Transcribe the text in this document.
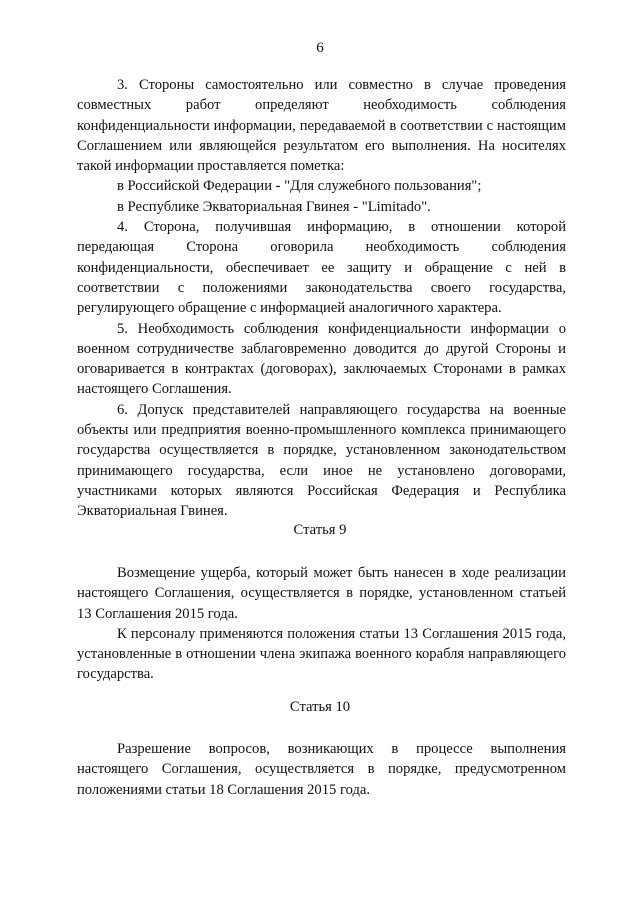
6

3. Стороны самостоятельно или совместно в случае проведения совместных работ определяют необходимость соблюдения конфиденциальности информации, передаваемой в соответствии с настоящим Соглашением или являющейся результатом его выполнения. На носителях такой информации проставляется пометка:

в Российской Федерации - "Для служебного пользования";

в Республике Экваториальная Гвинея - "Limitado".

4. Сторона, получившая информацию, в отношении которой передающая Сторона оговорила необходимость соблюдения конфиденциальности, обеспечивает ее защиту и обращение с ней в соответствии с положениями законодательства своего государства, регулирующего обращение с информацией аналогичного характера.

5. Необходимость соблюдения конфиденциальности информации о военном сотрудничестве заблаговременно доводится до другой Стороны и оговаривается в контрактах (договорах), заключаемых Сторонами в рамках настоящего Соглашения.

6. Допуск представителей направляющего государства на военные объекты или предприятия военно-промышленного комплекса принимающего государства осуществляется в порядке, установленном законодательством принимающего государства, если иное не установлено договорами, участниками которых являются Российская Федерация и Республика Экваториальная Гвинея.

Статья 9

Возмещение ущерба, который может быть нанесен в ходе реализации настоящего Соглашения, осуществляется в порядке, установленном статьей 13 Соглашения 2015 года.

К персоналу применяются положения статьи 13 Соглашения 2015 года, установленные в отношении члена экипажа военного корабля направляющего государства.

Статья 10

Разрешение вопросов, возникающих в процессе выполнения настоящего Соглашения, осуществляется в порядке, предусмотренном положениями статьи 18 Соглашения 2015 года.
